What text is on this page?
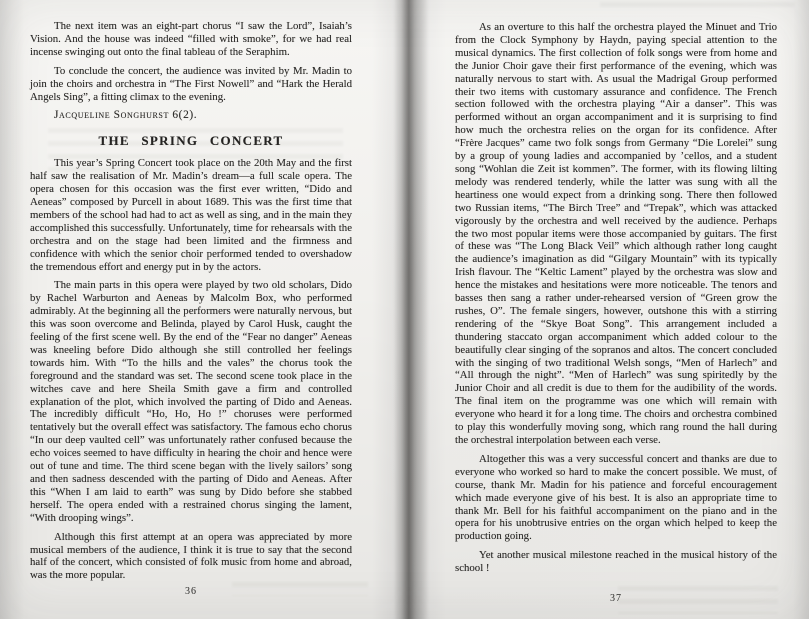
The next item was an eight-part chorus “I saw the Lord”, Isaiah’s Vision. And the house was indeed “filled with smoke”, for we had real incense swinging out onto the final tableau of the Seraphim.

To conclude the concert, the audience was invited by Mr. Madin to join the choirs and orchestra in “The First Nowell” and “Hark the Herald Angels Sing”, a fitting climax to the evening.

Jacqueline Songhurst 6(2).

THE SPRING CONCERT

This year’s Spring Concert took place on the 20th May and the first half saw the realisation of Mr. Madin’s dream—a full scale opera. The opera chosen for this occasion was the first ever written, “Dido and Aeneas” composed by Purcell in about 1689. This was the first time that members of the school had had to act as well as sing, and in the main they accomplished this successfully. Unfortunately, time for rehearsals with the orchestra and on the stage had been limited and the firmness and confidence with which the senior choir performed tended to overshadow the tremendous effort and energy put in by the actors.

The main parts in this opera were played by two old scholars, Dido by Rachel Warburton and Aeneas by Malcolm Box, who performed admirably. At the beginning all the performers were naturally nervous, but this was soon overcome and Belinda, played by Carol Husk, caught the feeling of the first scene well. By the end of the “Fear no danger” Aeneas was kneeling before Dido although she still controlled her feelings towards him. With “To the hills and the vales” the chorus took the foreground and the standard was set. The second scene took place in the witches cave and here Sheila Smith gave a firm and controlled explanation of the plot, which involved the parting of Dido and Aeneas. The incredibly difficult “Ho, Ho, Ho !” choruses were performed tentatively but the overall effect was satisfactory. The famous echo chorus “In our deep vaulted cell” was unfortunately rather confused because the echo voices seemed to have difficulty in hearing the choir and hence were out of tune and time. The third scene began with the lively sailors’ song and then sadness descended with the parting of Dido and Aeneas. After this “When I am laid to earth” was sung by Dido before she stabbed herself. The opera ended with a restrained chorus singing the lament, “With drooping wings”.

Although this first attempt at an opera was appreciated by more musical members of the audience, I think it is true to say that the second half of the concert, which consisted of folk music from home and abroad, was the more popular.

36

As an overture to this half the orchestra played the Minuet and Trio from the Clock Symphony by Haydn, paying special attention to the musical dynamics. The first collection of folk songs were from home and the Junior Choir gave their first performance of the evening, which was naturally nervous to start with. As usual the Madrigal Group performed their two items with customary assurance and confidence. The French section followed with the orchestra playing “Air a danser”. This was performed without an organ accompaniment and it is surprising to find how much the orchestra relies on the organ for its confidence. After “Frère Jacques” came two folk songs from Germany “Die Lorelei” sung by a group of young ladies and accompanied by ’cellos, and a student song “Wohlan die Zeit ist kommen”. The former, with its flowing lilting melody was rendered tenderly, while the latter was sung with all the heartiness one would expect from a drinking song. There then followed two Russian items, “The Birch Tree” and “Trepak”, which was attacked vigorously by the orchestra and well received by the audience. Perhaps the two most popular items were those accompanied by guitars. The first of these was “The Long Black Veil” which although rather long caught the audience’s imagination as did “Gilgary Mountain” with its typically Irish flavour. The “Keltic Lament” played by the orchestra was slow and hence the mistakes and hesitations were more noticeable. The tenors and basses then sang a rather under-rehearsed version of “Green grow the rushes, O”. The female singers, however, outshone this with a stirring rendering of the “Skye Boat Song”. This arrangement included a thundering staccato organ accompaniment which added colour to the beautifully clear singing of the sopranos and altos. The concert concluded with the singing of two traditional Welsh songs, “Men of Harlech” and “All through the night”. “Men of Harlech” was sung spiritedly by the Junior Choir and all credit is due to them for the audibility of the words. The final item on the programme was one which will remain with everyone who heard it for a long time. The choirs and orchestra combined to play this wonderfully moving song, which rang round the hall during the orchestral interpolation between each verse.

Altogether this was a very successful concert and thanks are due to everyone who worked so hard to make the concert possible. We must, of course, thank Mr. Madin for his patience and forceful encouragement which made everyone give of his best. It is also an appropriate time to thank Mr. Bell for his faithful accompaniment on the piano and in the opera for his unobtrusive entries on the organ which helped to keep the production going.

Yet another musical milestone reached in the musical history of the school !

37
